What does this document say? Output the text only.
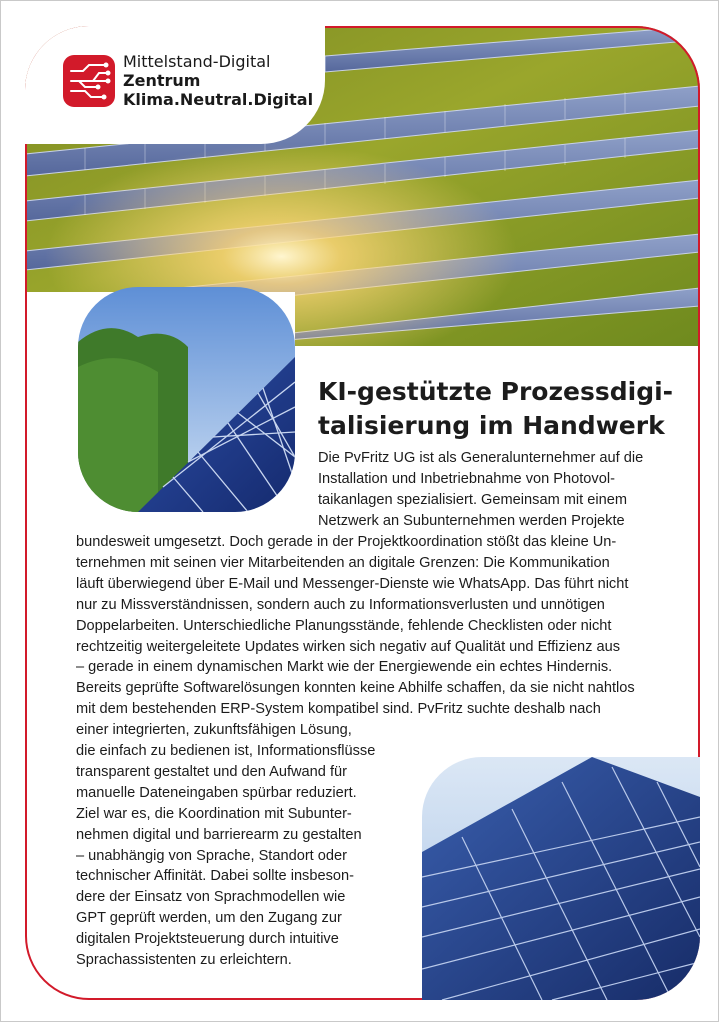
Mittelstand-Digital
Zentrum
Klima.Neutral.Digital
KI-gestützte Prozessdigi-
talisierung im Handwerk

Die PvFritz UG ist als Generalunternehmer auf die
Installation und Inbetriebnahme von Photovol-
taikanlagen spezialisiert. Gemeinsam mit einem
Netzwerk an Subunternehmen werden Projekte

bundesweit umgesetzt. Doch gerade in der Projektkoordination stößt das kleine Un-
ternehmen mit seinen vier Mitarbeitenden an digitale Grenzen: Die Kommunikation
läuft überwiegend über E-Mail und Messenger-Dienste wie WhatsApp. Das führt nicht
nur zu Missverständnissen, sondern auch zu Informationsverlusten und unnötigen
Doppelarbeiten. Unterschiedliche Planungsstände, fehlende Checklisten oder nicht
rechtzeitig weitergeleitete Updates wirken sich negativ auf Qualität und Effizienz aus
– gerade in einem dynamischen Markt wie der Energiewende ein echtes Hindernis.
Bereits geprüfte Softwarelösungen konnten keine Abhilfe schaffen, da sie nicht nahtlos
mit dem bestehenden ERP-System kompatibel sind. PvFritz suchte deshalb nach
einer integrierten, zukunftsfähigen Lösung,

die einfach zu bedienen ist, Informationsflüsse
transparent gestaltet und den Aufwand für
manuelle Dateneingaben spürbar reduziert.
Ziel war es, die Koordination mit Subunter-
nehmen digital und barrierearm zu gestalten
– unabhängig von Sprache, Standort oder
technischer Affinität. Dabei sollte insbeson-
dere der Einsatz von Sprachmodellen wie
GPT geprüft werden, um den Zugang zur
digitalen Projektsteuerung durch intuitive
Sprachassistenten zu erleichtern.
